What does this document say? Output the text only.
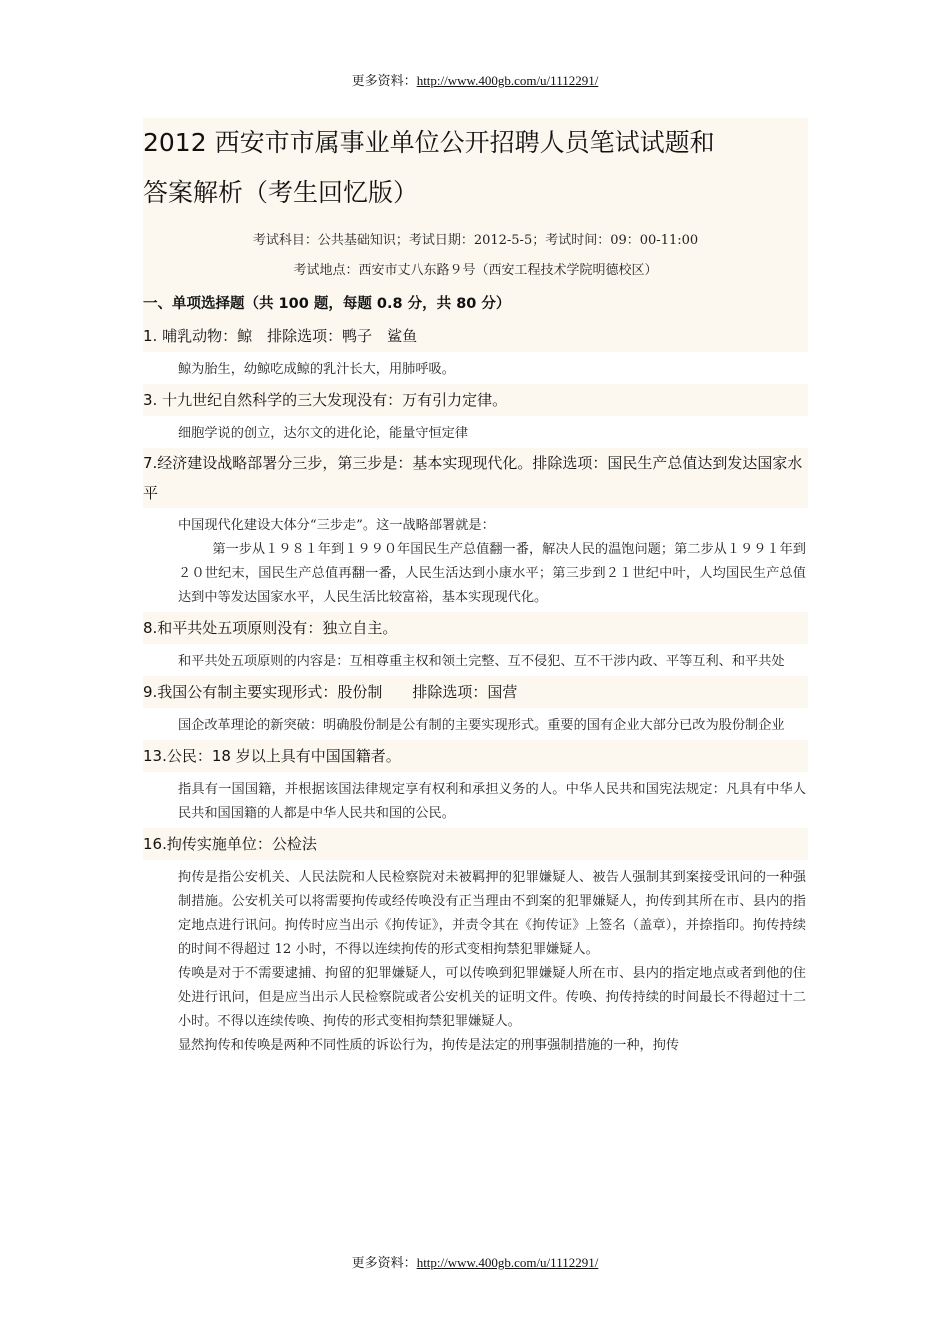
更多资料：http://www.400gb.com/u/1112291/
2012 西安市市属事业单位公开招聘人员笔试试题和
答案解析（考生回忆版）
考试科目：公共基础知识；考试日期：2012-5-5；考试时间：09：00-11:00
考试地点：西安市丈八东路９号（西安工程技术学院明德校区）
一、单项选择题（共 100 题，每题 0.8 分，共 80 分）
1. 哺乳动物：鲸　排除选项：鸭子　鲨鱼

鲸为胎生，幼鲸吃成鲸的乳汁长大，用肺呼吸。

3. 十九世纪自然科学的三大发现没有：万有引力定律。

细胞学说的创立，达尔文的进化论，能量守恒定律

7.经济建设战略部署分三步，第三步是：基本实现现代化。排除选项：国民生产总值达到发达国家水平

中国现代化建设大体分“三步走”。这一战略部署就是：

第一步从１９８１年到１９９０年国民生产总值翻一番，解决人民的温饱问题；第二步从１９９１年到２０世纪末，国民生产总值再翻一番，人民生活达到小康水平；第三步到２１世纪中叶，人均国民生产总值达到中等发达国家水平，人民生活比较富裕，基本实现现代化。

8.和平共处五项原则没有：独立自主。

和平共处五项原则的内容是：互相尊重主权和领土完整、互不侵犯、互不干涉内政、平等互利、和平共处

9.我国公有制主要实现形式：股份制　　排除选项：国营

国企改革理论的新突破：明确股份制是公有制的主要实现形式。重要的国有企业大部分已改为股份制企业

13.公民：18 岁以上具有中国国籍者。

指具有一国国籍，并根据该国法律规定享有权利和承担义务的人。中华人民共和国宪法规定：凡具有中华人民共和国国籍的人都是中华人民共和国的公民。

16.拘传实施单位：公检法

拘传是指公安机关、人民法院和人民检察院对未被羁押的犯罪嫌疑人、被告人强制其到案接受讯问的一种强制措施。公安机关可以将需要拘传或经传唤没有正当理由不到案的犯罪嫌疑人，拘传到其所在市、县内的指定地点进行讯问。拘传时应当出示《拘传证》，并责令其在《拘传证》上签名（盖章），并捺指印。拘传持续的时间不得超过 12 小时，不得以连续拘传的形式变相拘禁犯罪嫌疑人。

传唤是对于不需要逮捕、拘留的犯罪嫌疑人，可以传唤到犯罪嫌疑人所在市、县内的指定地点或者到他的住处进行讯问，但是应当出示人民检察院或者公安机关的证明文件。传唤、拘传持续的时间最长不得超过十二小时。不得以连续传唤、拘传的形式变相拘禁犯罪嫌疑人。

显然拘传和传唤是两种不同性质的诉讼行为，拘传是法定的刑事强制措施的一种，拘传

更多资料：http://www.400gb.com/u/1112291/
